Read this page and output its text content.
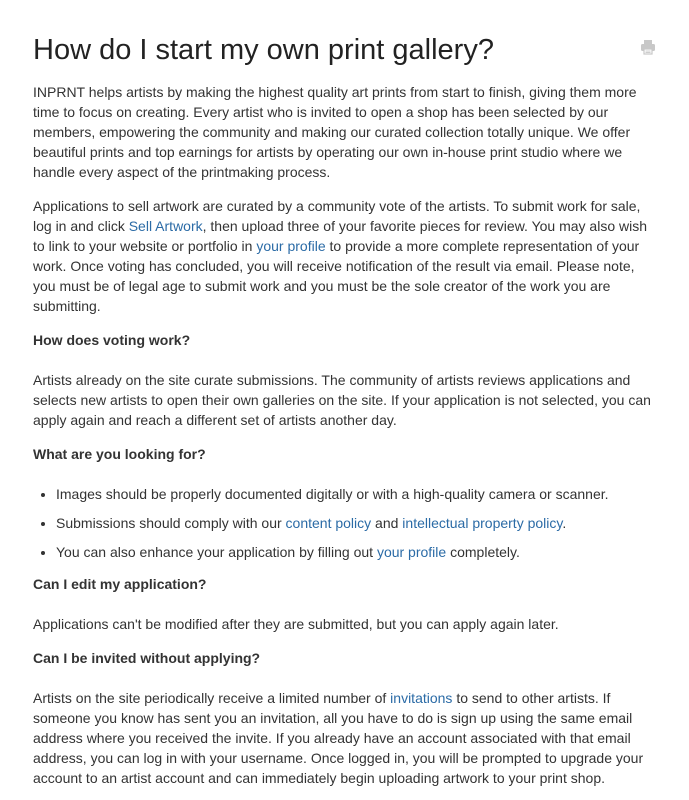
How do I start my own print gallery?

INPRNT helps artists by making the highest quality art prints from start to finish, giving them more time to focus on creating. Every artist who is invited to open a shop has been selected by our members, empowering the community and making our curated collection totally unique. We offer beautiful prints and top earnings for artists by operating our own in-house print studio where we handle every aspect of the printmaking process.

Applications to sell artwork are curated by a community vote of the artists. To submit work for sale, log in and click Sell Artwork, then upload three of your favorite pieces for review. You may also wish to link to your website or portfolio in your profile to provide a more complete representation of your work. Once voting has concluded, you will receive notification of the result via email. Please note, you must be of legal age to submit work and you must be the sole creator of the work you are submitting.

How does voting work?

Artists already on the site curate submissions. The community of artists reviews applications and selects new artists to open their own galleries on the site. If your application is not selected, you can apply again and reach a different set of artists another day.

What are you looking for?
• Images should be properly documented digitally or with a high-quality camera or scanner.
• Submissions should comply with our content policy and intellectual property policy.
• You can also enhance your application by filling out your profile completely.
Can I edit my application?

Applications can't be modified after they are submitted, but you can apply again later.

Can I be invited without applying?

Artists on the site periodically receive a limited number of invitations to send to other artists. If someone you know has sent you an invitation, all you have to do is sign up using the same email address where you received the invite. If you already have an account associated with that email address, you can log in with your username. Once logged in, you will be prompted to upgrade your account to an artist account and can immediately begin uploading artwork to your print shop.
